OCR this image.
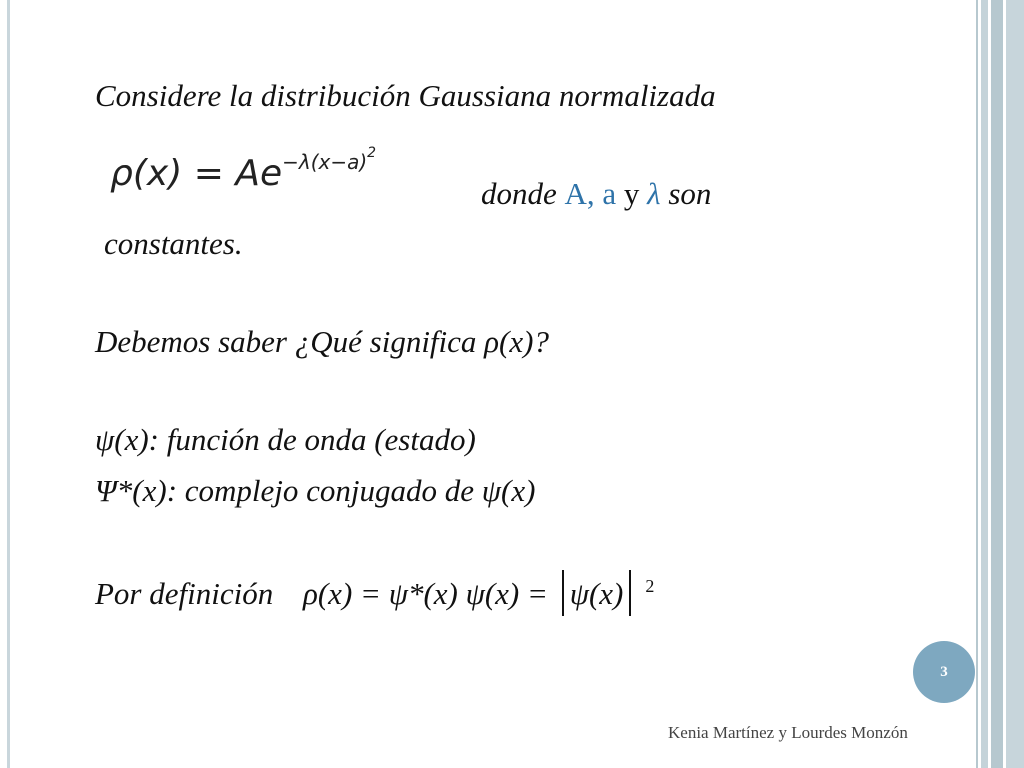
Considere la distribución Gaussiana normalizada
$\rho(x) = Ae^{-\lambda(x-a)^2}$
donde A, a y λ son
constantes.
Debemos saber ¿Qué significa ρ(x)?
ψ(x): función de onda (estado)
Ψ*(x): complejo conjugado de ψ(x)
Por definición ρ(x) = ψ*(x) ψ(x) = ψ(x) $^2$
3
Kenia Martínez y Lourdes Monzón
